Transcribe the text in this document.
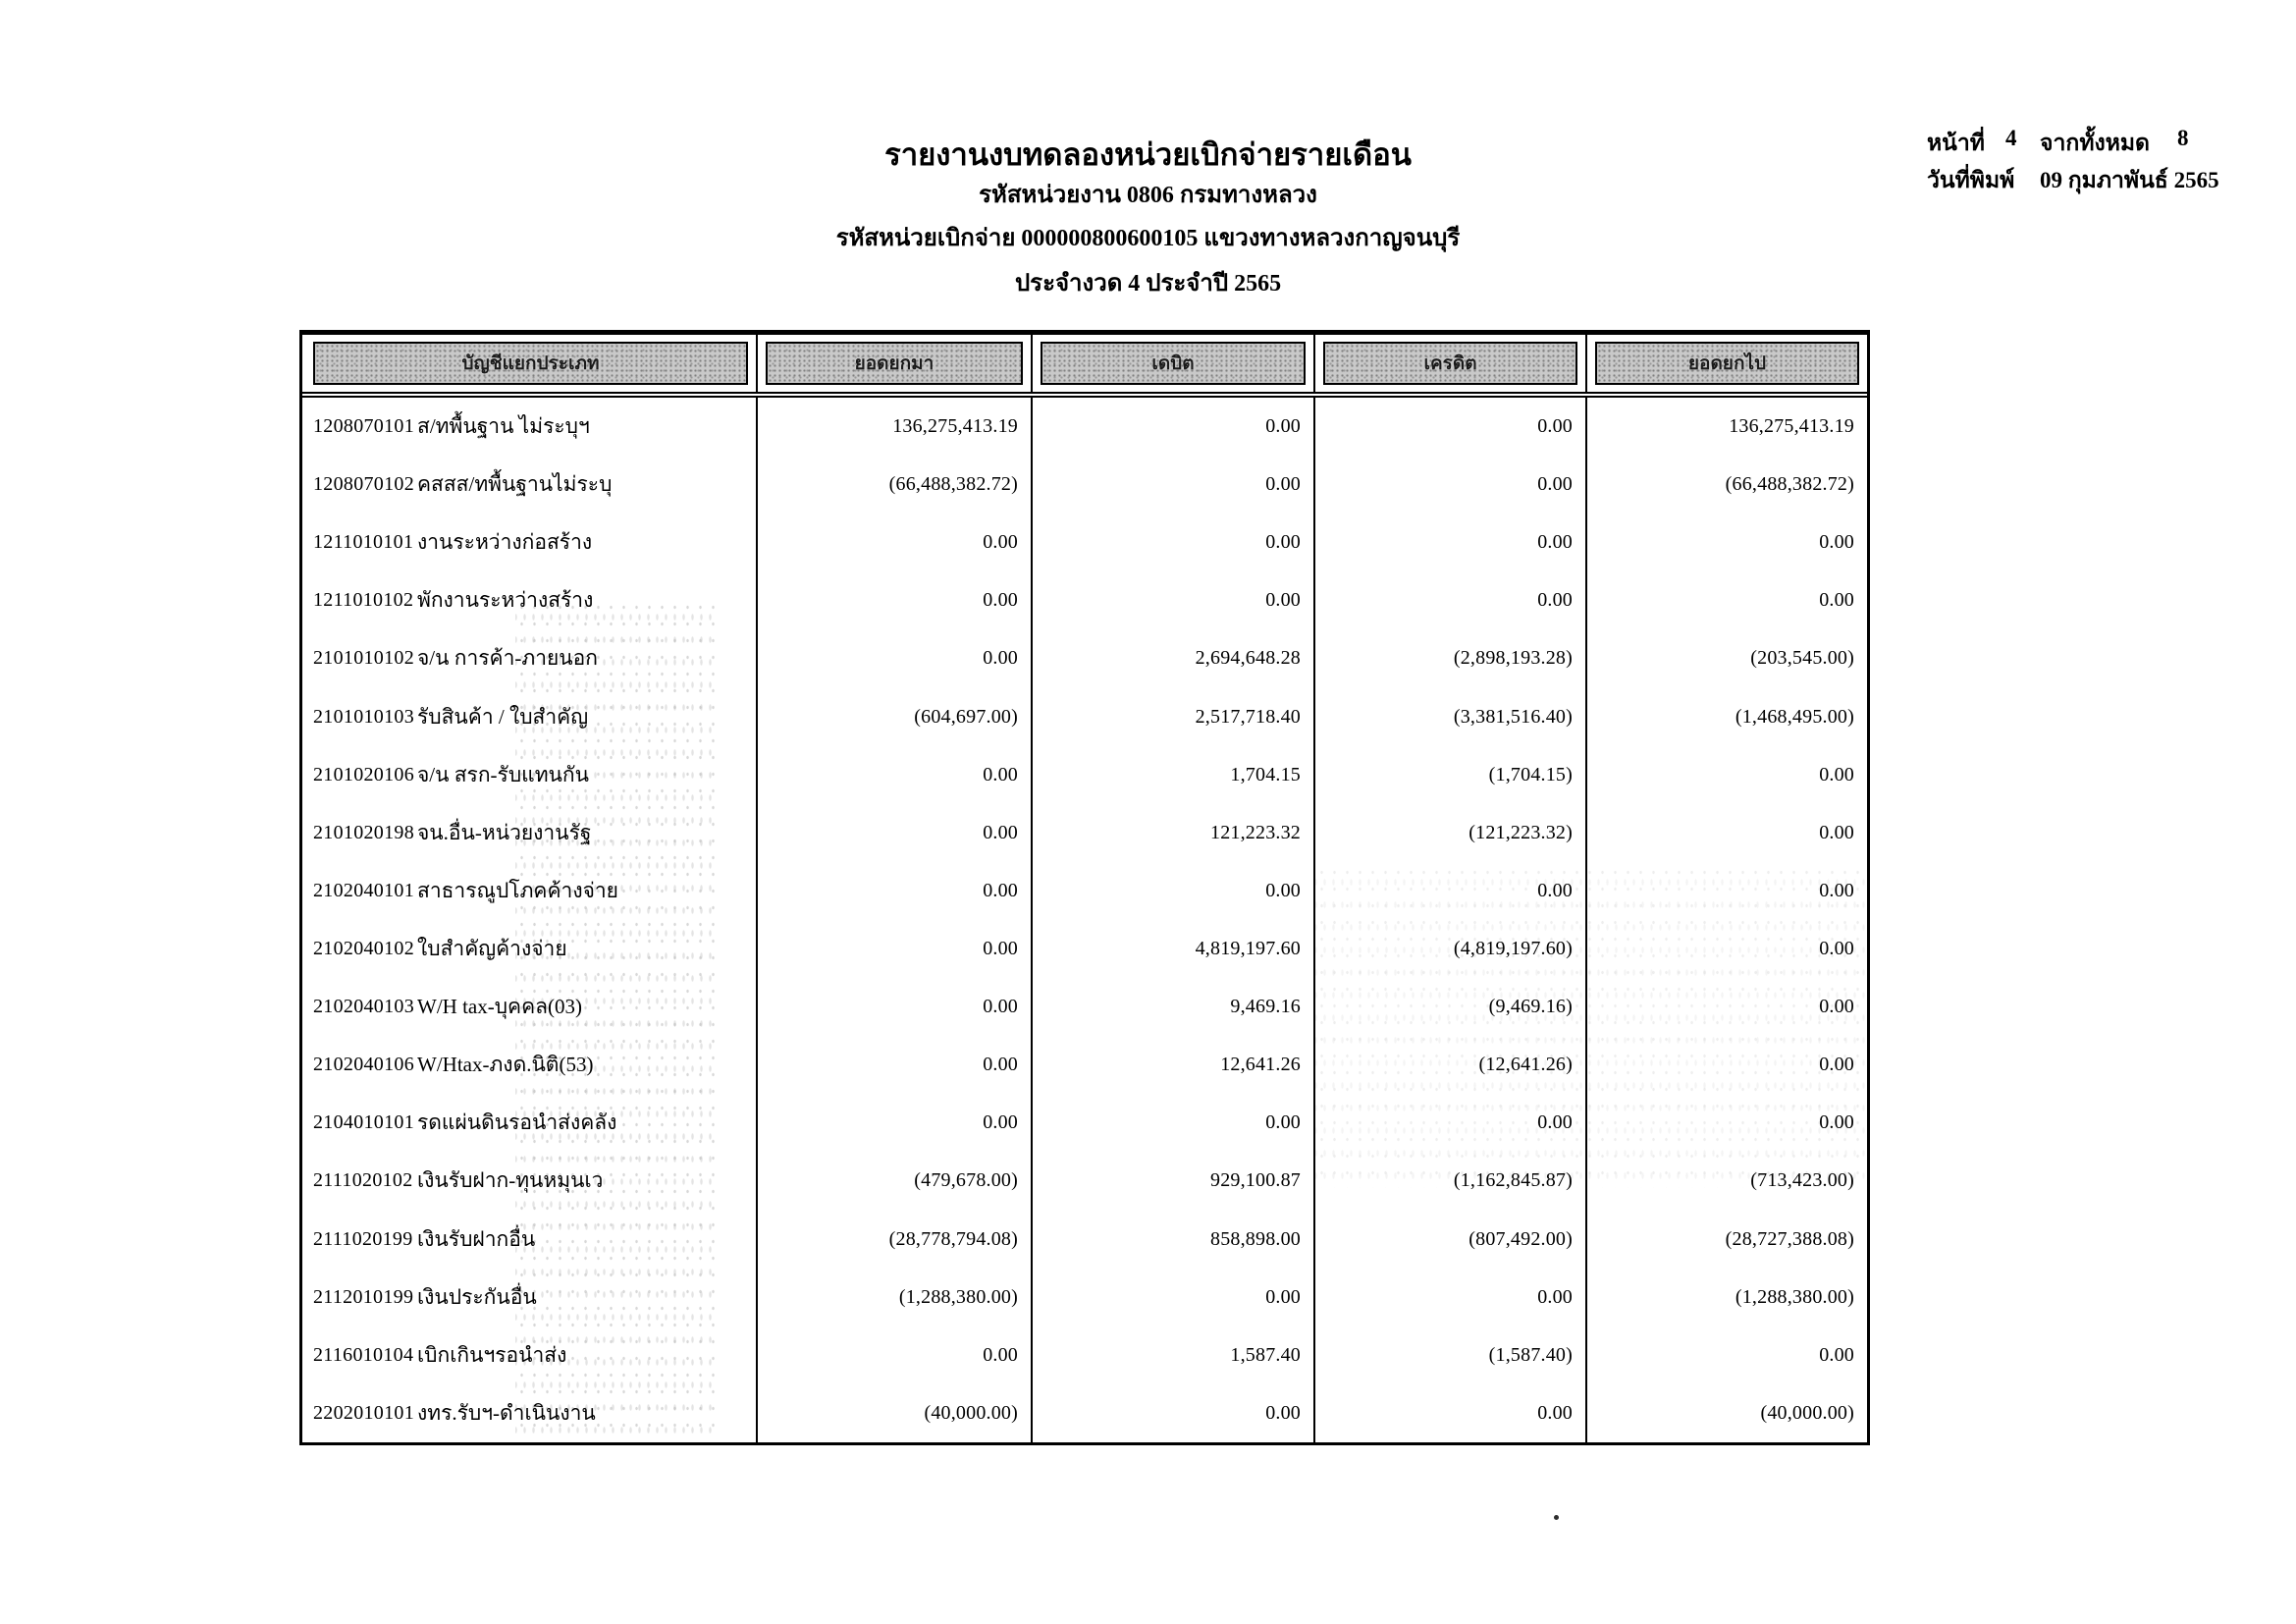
รายงานงบทดลองหน่วยเบิกจ่ายรายเดือน
รหัสหน่วยงาน 0806 กรมทางหลวง
รหัสหน่วยเบิกจ่าย 000000800600105 แขวงทางหลวงกาญจนบุรี
ประจำงวด 4 ประจำปี 2565
หน้าที่ 4 จากทั้งหมด 8
วันที่พิมพ์ 09 กุมภาพันธ์ 2565
บัญชีแยกประเภท	ยอดยกมา	เดบิต	เครดิต	ยอดยกไป
1208070101 ส/ทพื้นฐาน ไม่ระบุฯ	136,275,413.19	0.00	0.00	136,275,413.19
1208070102 คสสส/ทพื้นฐานไม่ระบุ	(66,488,382.72)	0.00	0.00	(66,488,382.72)
1211010101 งานระหว่างก่อสร้าง	0.00	0.00	0.00	0.00
1211010102 พักงานระหว่างสร้าง	0.00	0.00	0.00	0.00
2101010102 จ/น การค้า-ภายนอก	0.00	2,694,648.28	(2,898,193.28)	(203,545.00)
2101010103 รับสินค้า / ใบสำคัญ	(604,697.00)	2,517,718.40	(3,381,516.40)	(1,468,495.00)
2101020106 จ/น สรก-รับแทนกัน	0.00	1,704.15	(1,704.15)	0.00
2101020198 จน.อื่น-หน่วยงานรัฐ	0.00	121,223.32	(121,223.32)	0.00
2102040101 สาธารณูปโภคค้างจ่าย	0.00	0.00	0.00	0.00
2102040102 ใบสำคัญค้างจ่าย	0.00	4,819,197.60	(4,819,197.60)	0.00
2102040103 W/H tax-บุคคล(03)	0.00	9,469.16	(9,469.16)	0.00
2102040106 W/Htax-ภงด.นิติ(53)	0.00	12,641.26	(12,641.26)	0.00
2104010101 รดแผ่นดินรอนำส่งคลัง	0.00	0.00	0.00	0.00
2111020102 เงินรับฝาก-ทุนหมุนเว	(479,678.00)	929,100.87	(1,162,845.87)	(713,423.00)
2111020199 เงินรับฝากอื่น	(28,778,794.08)	858,898.00	(807,492.00)	(28,727,388.08)
2112010199 เงินประกันอื่น	(1,288,380.00)	0.00	0.00	(1,288,380.00)
2116010104 เบิกเกินฯรอนำส่ง	0.00	1,587.40	(1,587.40)	0.00
2202010101 งทร.รับฯ-ดำเนินงาน	(40,000.00)	0.00	0.00	(40,000.00)
